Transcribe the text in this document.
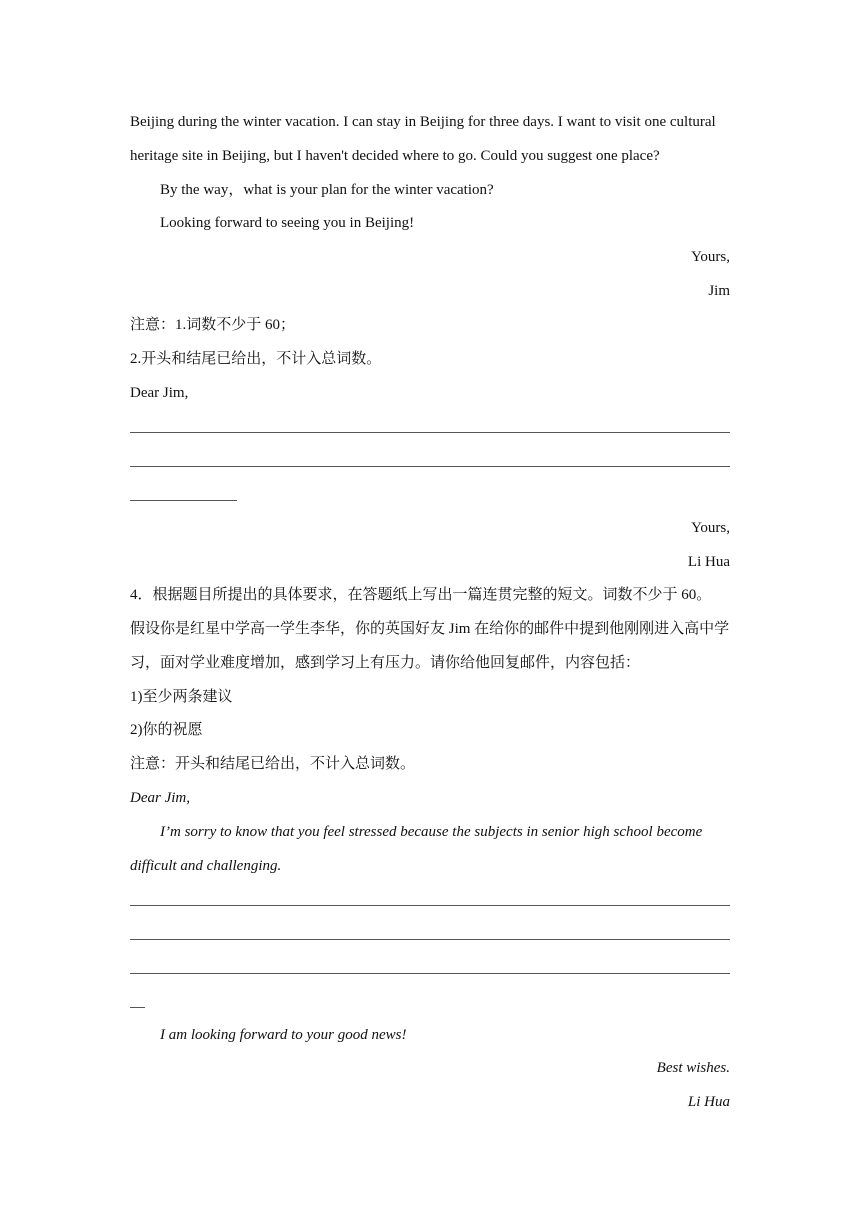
Beijing during the winter vacation. I can stay in Beijing for three days. I want to visit one cultural
heritage site in Beijing, but I haven't decided where to go. Could you suggest one place?
By the way，what is your plan for the winter vacation?
Looking forward to seeing you in Beijing!
Yours,
Jim
注意：1.词数不少于 60；
2.开头和结尾已给出，不计入总词数。
Dear Jim,
Yours,
Li Hua
4．根据题目所提出的具体要求，在答题纸上写出一篇连贯完整的短文。词数不少于 60。
假设你是红星中学高一学生李华，你的英国好友 Jim 在给你的邮件中提到他刚刚进入高中学
习，面对学业难度增加，感到学习上有压力。请你给他回复邮件，内容包括：
1)至少两条建议
2)你的祝愿
注意：开头和结尾已给出，不计入总词数。
Dear Jim,
I’m sorry to know that you feel stressed because the subjects in senior high school become
difficult and challenging.
I am looking forward to your good news!
Best wishes.
Li Hua
